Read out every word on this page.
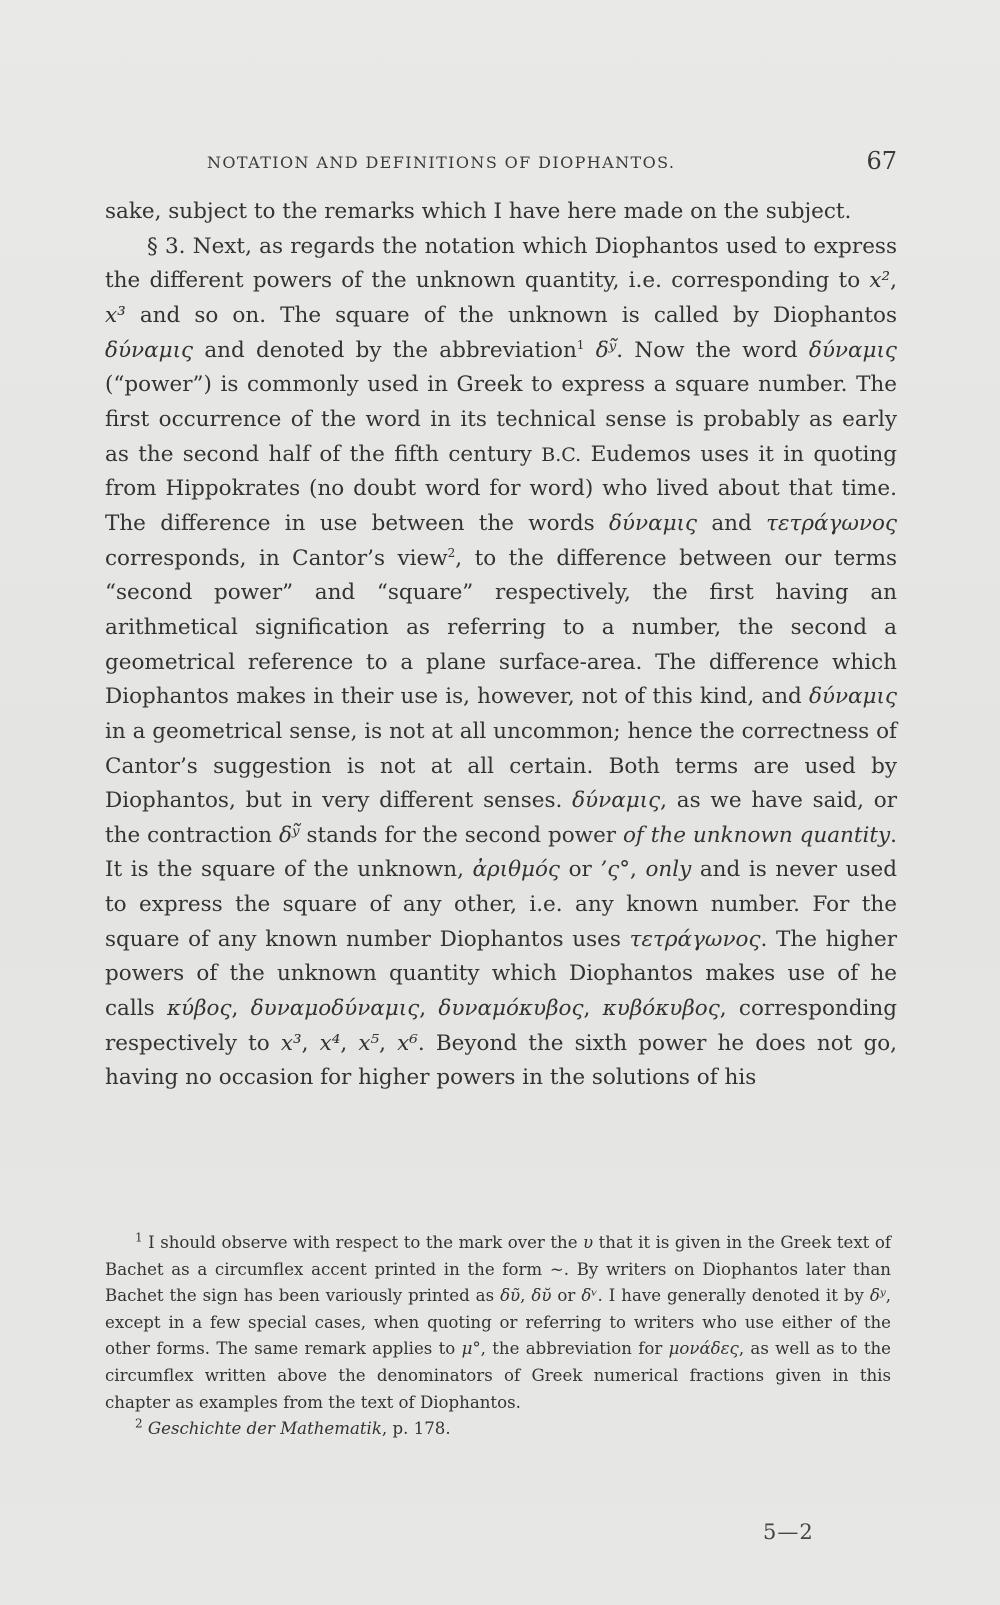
NOTATION AND DEFINITIONS OF DIOPHANTOS.	67

sake, subject to the remarks which I have here made on the subject.

§ 3. Next, as regards the notation which Diophantos used to express the different powers of the unknown quantity, i.e. corresponding to x², x³ and so on. The square of the unknown is called by Diophantos δύναμις and denoted by the abbreviation$^1$ δʸ̃. Now the word δύναμις (“power”) is commonly used in Greek to express a square number. The first occurrence of the word in its technical sense is probably as early as the second half of the fifth century B.C. Eudemos uses it in quoting from Hippokrates (no doubt word for word) who lived about that time. The difference in use between the words δύναμις and τετράγωνος corresponds, in Cantor’s view$^2$, to the difference between our terms “second power” and “square” respectively, the first having an arithmetical signification as referring to a number, the second a geometrical reference to a plane surface-area. The difference which Diophantos makes in their use is, however, not of this kind, and δύναμις in a geometrical sense, is not at all uncommon; hence the correctness of Cantor’s suggestion is not at all certain. Both terms are used by Diophantos, but in very different senses. δύναμις, as we have said, or the contraction δʸ̃ stands for the second power of the unknown quantity. It is the square of the unknown, ἀριθμός or ’ς°, only and is never used to express the square of any other, i.e. any known number. For the square of any known number Diophantos uses τετράγωνος. The higher powers of the unknown quantity which Diophantos makes use of he calls κύβος, δυναμοδύναμις, δυναμόκυβος, κυβόκυβος, corresponding respectively to x³, x⁴, x⁵, x⁶. Beyond the sixth power he does not go, having no occasion for higher powers in the solutions of his

$^1$ I should observe with respect to the mark over the υ that it is given in the Greek text of Bachet as a circumflex accent printed in the form ~. By writers on Diophantos later than Bachet the sign has been variously printed as δῦ, δῠ or δᵛ. I have generally denoted it by δʸ, except in a few special cases, when quoting or referring to writers who use either of the other forms. The same remark applies to μ°, the abbreviation for μονάδες, as well as to the circumflex written above the denominators of Greek numerical fractions given in this chapter as examples from the text of Diophantos.

$^2$ Geschichte der Mathematik, p. 178.

5—2
